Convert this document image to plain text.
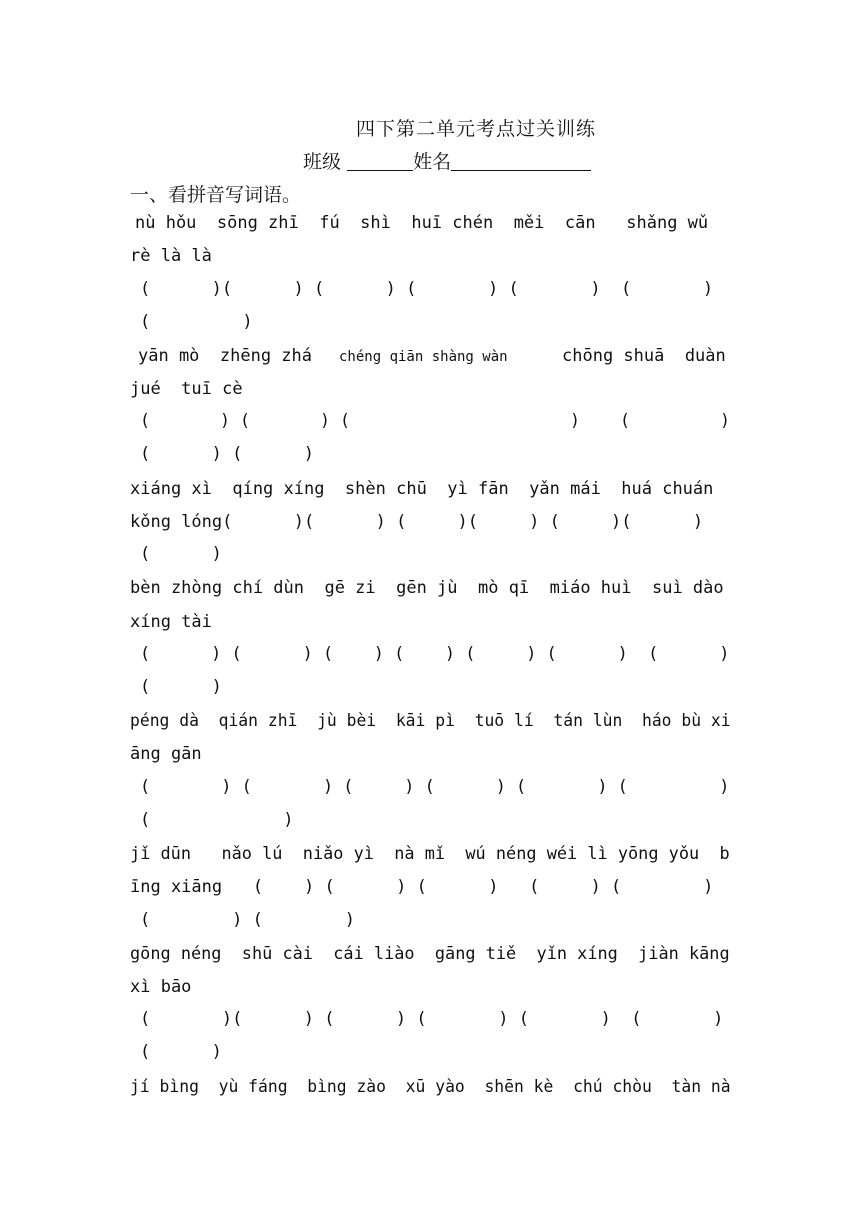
四下第二单元考点过关训练
班级	姓名
一、看拼音写词语。
nù hǒu  sōng zhī  fú  shì  huī chén  měi  cān   shǎng wǔ
rè là là
(      )(      ) (      ) (       ) (       )  (       )
(         )
yān mò  zhēng zhá chéng qiān shàng wàn	chōng shuā  duàn
jué  tuī cè
(       ) (       ) (                      )    (         )
(      ) (      )
xiáng xì  qíng xíng  shèn chū  yì fān  yǎn mái  huá chuán
kǒng lóng(      )(      ) (     )(     ) (     )(      )
(      )
bèn zhòng chí dùn  gē zi  gēn jù  mò qī  miáo huì  suì dào
xíng tài
(      ) (      ) (    ) (    ) (     ) (      )  (      )
(      )
péng dà  qián zhī  jù bèi  kāi pì  tuō lí  tán lùn  háo bù xi
āng gān
(       ) (       ) (     ) (      ) (       ) (         )
(             )
jǐ dūn   nǎo lú  niǎo yì  nà mǐ  wú néng wéi lì yōng yǒu  b
īng xiāng   (    ) (      ) (      )   (     ) (        )
(        ) (        )
gōng néng  shū cài  cái liào  gāng tiě  yǐn xíng  jiàn kāng
xì bāo
(       )(      ) (      ) (       ) (       )  (       )
(      )
jí bìng  yù fáng  bìng zào  xū yào  shēn kè  chú chòu  tàn nà
